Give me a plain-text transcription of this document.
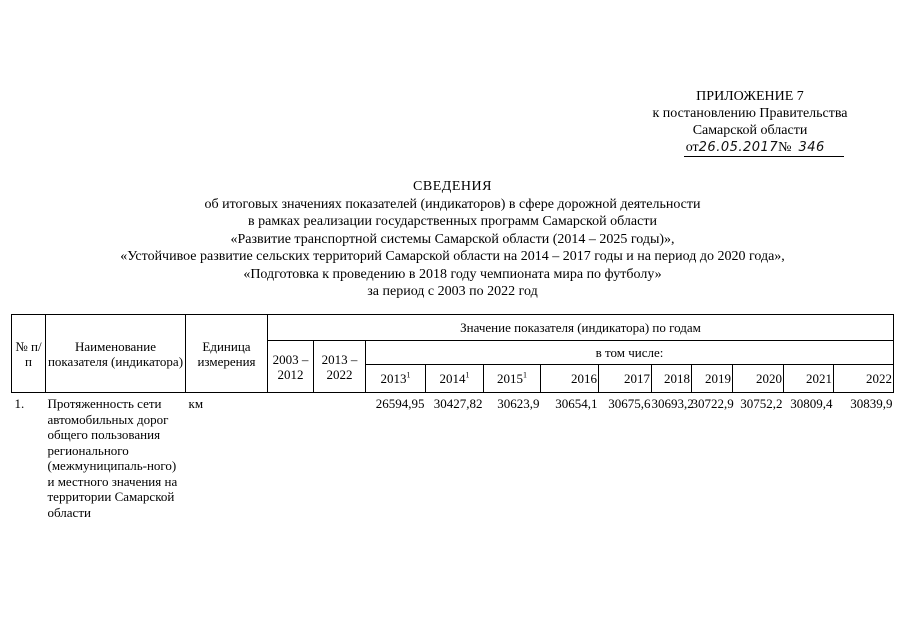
ПРИЛОЖЕНИЕ 7
к постановлению Правительства
Самарской области
от26.05.2017№ 346
СВЕДЕНИЯ
об итоговых значениях показателей (индикаторов) в сфере дорожной деятельности
в рамках реализации государственных программ Самарской области
«Развитие транспортной системы Самарской области (2014 – 2025 годы)»,
«Устойчивое развитие сельских территорий Самарской области на 2014 – 2017 годы и на период до 2020 года»,
«Подготовка к проведению в 2018 году чемпионата мира по футболу»
за период с 2003 по 2022 год
№ п/п	Наименование показателя (индикатора)	Единица измерения	Значение показателя (индикатора) по годам											
			2003 – 2012	2013 – 2022	в том числе:									
					2013$^1$	2014$^1$	2015$^1$	2016	2017	2018	2019	2020	2021	2022
1.	Протяженность сети автомобильных дорог общего пользования регионального (межмуниципаль-ного) и местного значения на территории Самарской области	км			26594,95	30427,82	30623,9	30654,1	30675,6	30693,2	30722,9	30752,2	30809,4	30839,9
